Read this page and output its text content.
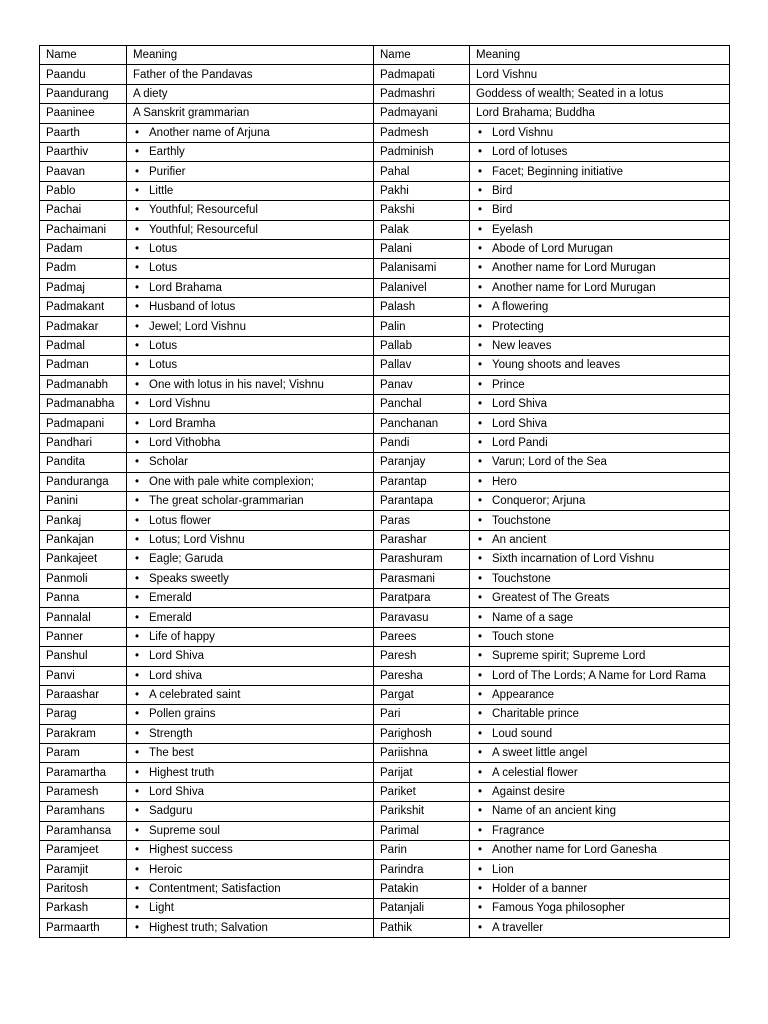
Name	Meaning	Name	Meaning
Paandu	Father of the Pandavas	Padmapati	Lord Vishnu
Paandurang	A diety	Padmashri	Goddess of wealth; Seated in a lotus
Paaninee	A Sanskrit grammarian	Padmayani	Lord Brahama; Buddha
Paarth	• Another name of Arjuna	Padmesh	• Lord Vishnu
Paarthiv	• Earthly	Padminish	• Lord of lotuses
Paavan	• Purifier	Pahal	• Facet; Beginning initiative
Pablo	• Little	Pakhi	• Bird
Pachai	• Youthful; Resourceful	Pakshi	• Bird
Pachaimani	• Youthful; Resourceful	Palak	• Eyelash
Padam	• Lotus	Palani	• Abode of Lord Murugan
Padm	• Lotus	Palanisami	• Another name for Lord Murugan
Padmaj	• Lord Brahama	Palanivel	• Another name for Lord Murugan
Padmakant	• Husband of lotus	Palash	• A flowering
Padmakar	• Jewel; Lord Vishnu	Palin	• Protecting
Padmal	• Lotus	Pallab	• New leaves
Padman	• Lotus	Pallav	• Young shoots and leaves
Padmanabh	• One with lotus in his navel; Vishnu	Panav	• Prince
Padmanabha	• Lord Vishnu	Panchal	• Lord Shiva
Padmapani	• Lord Bramha	Panchanan	• Lord Shiva
Pandhari	• Lord Vithobha	Pandi	• Lord Pandi
Pandita	• Scholar	Paranjay	• Varun; Lord of the Sea
Panduranga	• One with pale white complexion;	Parantap	• Hero
Panini	• The great scholar-grammarian	Parantapa	• Conqueror; Arjuna
Pankaj	• Lotus flower	Paras	• Touchstone
Pankajan	• Lotus; Lord Vishnu	Parashar	• An ancient
Pankajeet	• Eagle; Garuda	Parashuram	• Sixth incarnation of Lord Vishnu
Panmoli	• Speaks sweetly	Parasmani	• Touchstone
Panna	• Emerald	Paratpara	• Greatest of The Greats
Pannalal	• Emerald	Paravasu	• Name of a sage
Panner	• Life of happy	Parees	• Touch stone
Panshul	• Lord Shiva	Paresh	• Supreme spirit; Supreme Lord
Panvi	• Lord shiva	Paresha	• Lord of The Lords; A Name for Lord Rama
Paraashar	• A celebrated saint	Pargat	• Appearance
Parag	• Pollen grains	Pari	• Charitable prince
Parakram	• Strength	Parighosh	• Loud sound
Param	• The best	Pariishna	• A sweet little angel
Paramartha	• Highest truth	Parijat	• A celestial flower
Paramesh	• Lord Shiva	Pariket	• Against desire
Paramhans	• Sadguru	Parikshit	• Name of an ancient king
Paramhansa	• Supreme soul	Parimal	• Fragrance
Paramjeet	• Highest success	Parin	• Another name for Lord Ganesha
Paramjit	• Heroic	Parindra	• Lion
Paritosh	• Contentment; Satisfaction	Patakin	• Holder of a banner
Parkash	• Light	Patanjali	• Famous Yoga philosopher
Parmaarth	• Highest truth; Salvation	Pathik	• A traveller
